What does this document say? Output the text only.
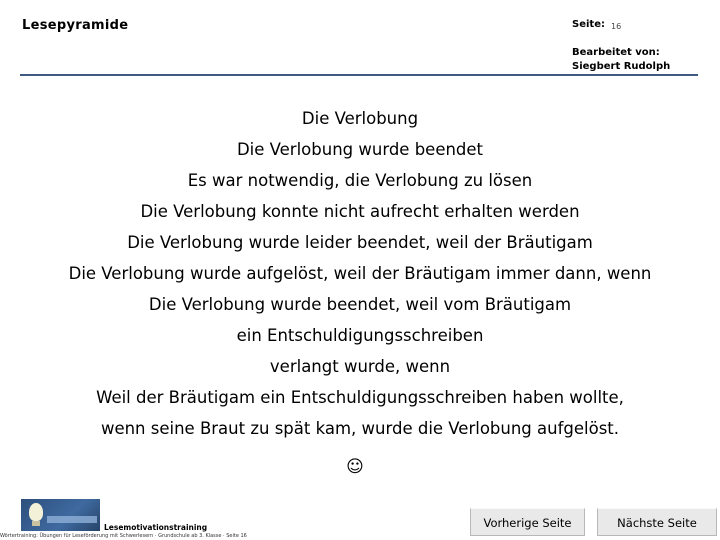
Lesepyramide	Seite: 16
Bearbeitet von:
Siegbert Rudolph
Die Verlobung
Die Verlobung wurde beendet
Es war notwendig, die Verlobung zu lösen
Die Verlobung konnte nicht aufrecht erhalten werden
Die Verlobung wurde leider beendet, weil der Bräutigam
Die Verlobung wurde aufgelöst, weil der Bräutigam immer dann, wenn
Die Verlobung wurde beendet, weil vom Bräutigam
ein Entschuldigungsschreiben
verlangt wurde, wenn
Weil der Bräutigam ein Entschuldigungsschreiben haben wollte,
wenn seine Braut zu spät kam, wurde die Verlobung aufgelöst.
☺
Lesemotivationstraining
Wörtertraining: Übungen für Leseförderung mit Schwerlesern · Grundschule ab 3. Klasse · Seite 16
Vorherige Seite	Nächste Seite
